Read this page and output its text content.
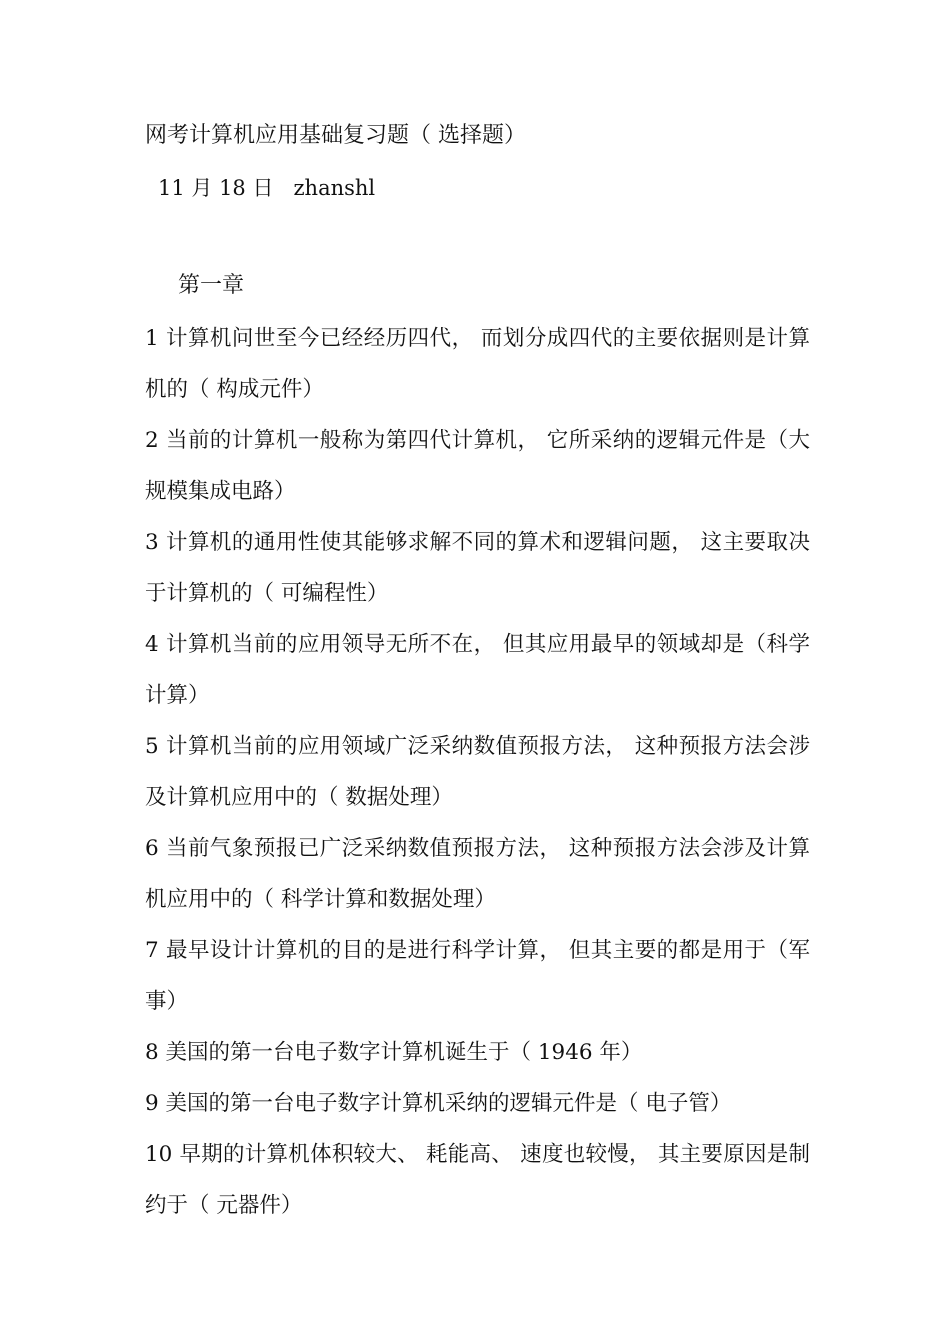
网考计算机应用基础复习题（ 选择题）
11 月 18 日 zhanshl
第一章
1 计算机问世至今已经经历四代， 而划分成四代的主要依据则是计算机的（ 构成元件）
2 当前的计算机一般称为第四代计算机， 它所采纳的逻辑元件是（大规模集成电路）
3 计算机的通用性使其能够求解不同的算术和逻辑问题， 这主要取决于计算机的（ 可编程性）
4 计算机当前的应用领导无所不在， 但其应用最早的领域却是（科学计算）
5 计算机当前的应用领域广泛采纳数值预报方法， 这种预报方法会涉及计算机应用中的（ 数据处理）
6 当前气象预报已广泛采纳数值预报方法， 这种预报方法会涉及计算机应用中的（ 科学计算和数据处理）
7 最早设计计算机的目的是进行科学计算， 但其主要的都是用于（军事）
8 美国的第一台电子数字计算机诞生于（ 1946 年）
9 美国的第一台电子数字计算机采纳的逻辑元件是（ 电子管）
10 早期的计算机体积较大、 耗能高、 速度也较慢， 其主要原因是制约于（ 元器件）
